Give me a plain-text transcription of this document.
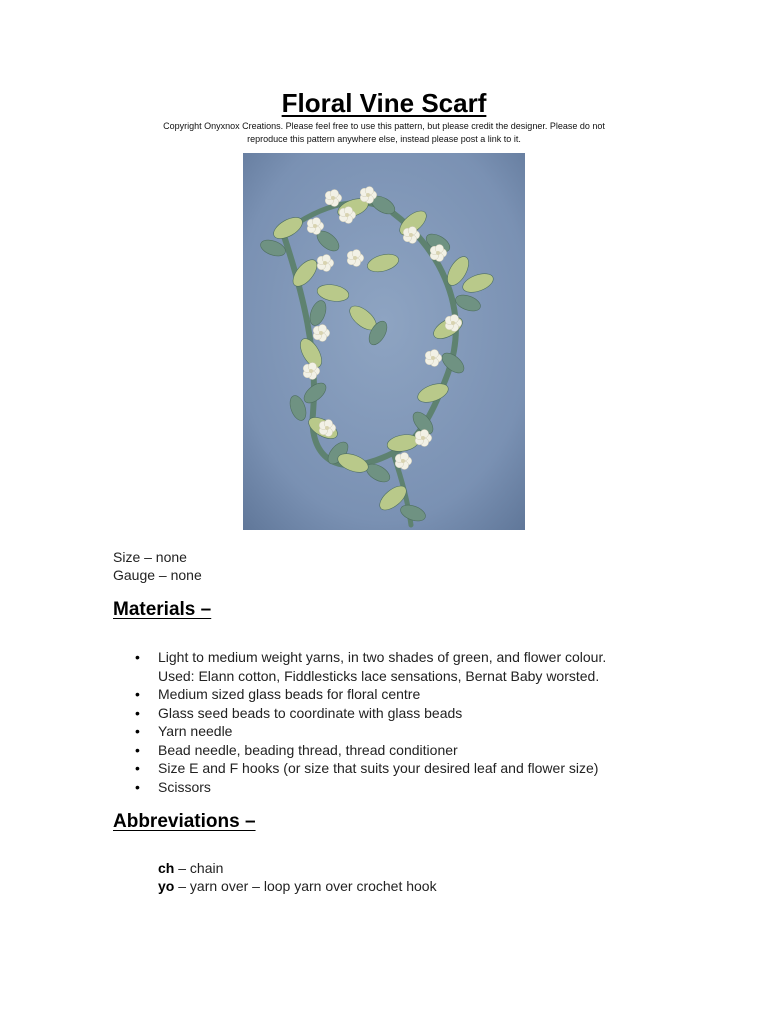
Floral Vine Scarf
Copyright Onyxnox Creations. Please feel free to use this pattern, but please credit the designer. Please do not
reproduce this pattern anywhere else, instead please post a link to it.
Size – none
Gauge – none
Materials –
• Light to medium weight yarns, in two shades of green, and flower colour.
Used: Elann cotton, Fiddlesticks lace sensations, Bernat Baby worsted.
• Medium sized glass beads for floral centre
• Glass seed beads to coordinate with glass beads
• Yarn needle
• Bead needle, beading thread, thread conditioner
• Size E and F hooks (or size that suits your desired leaf and flower size)
• Scissors
Abbreviations –
ch – chain
yo – yarn over – loop yarn over crochet hook
